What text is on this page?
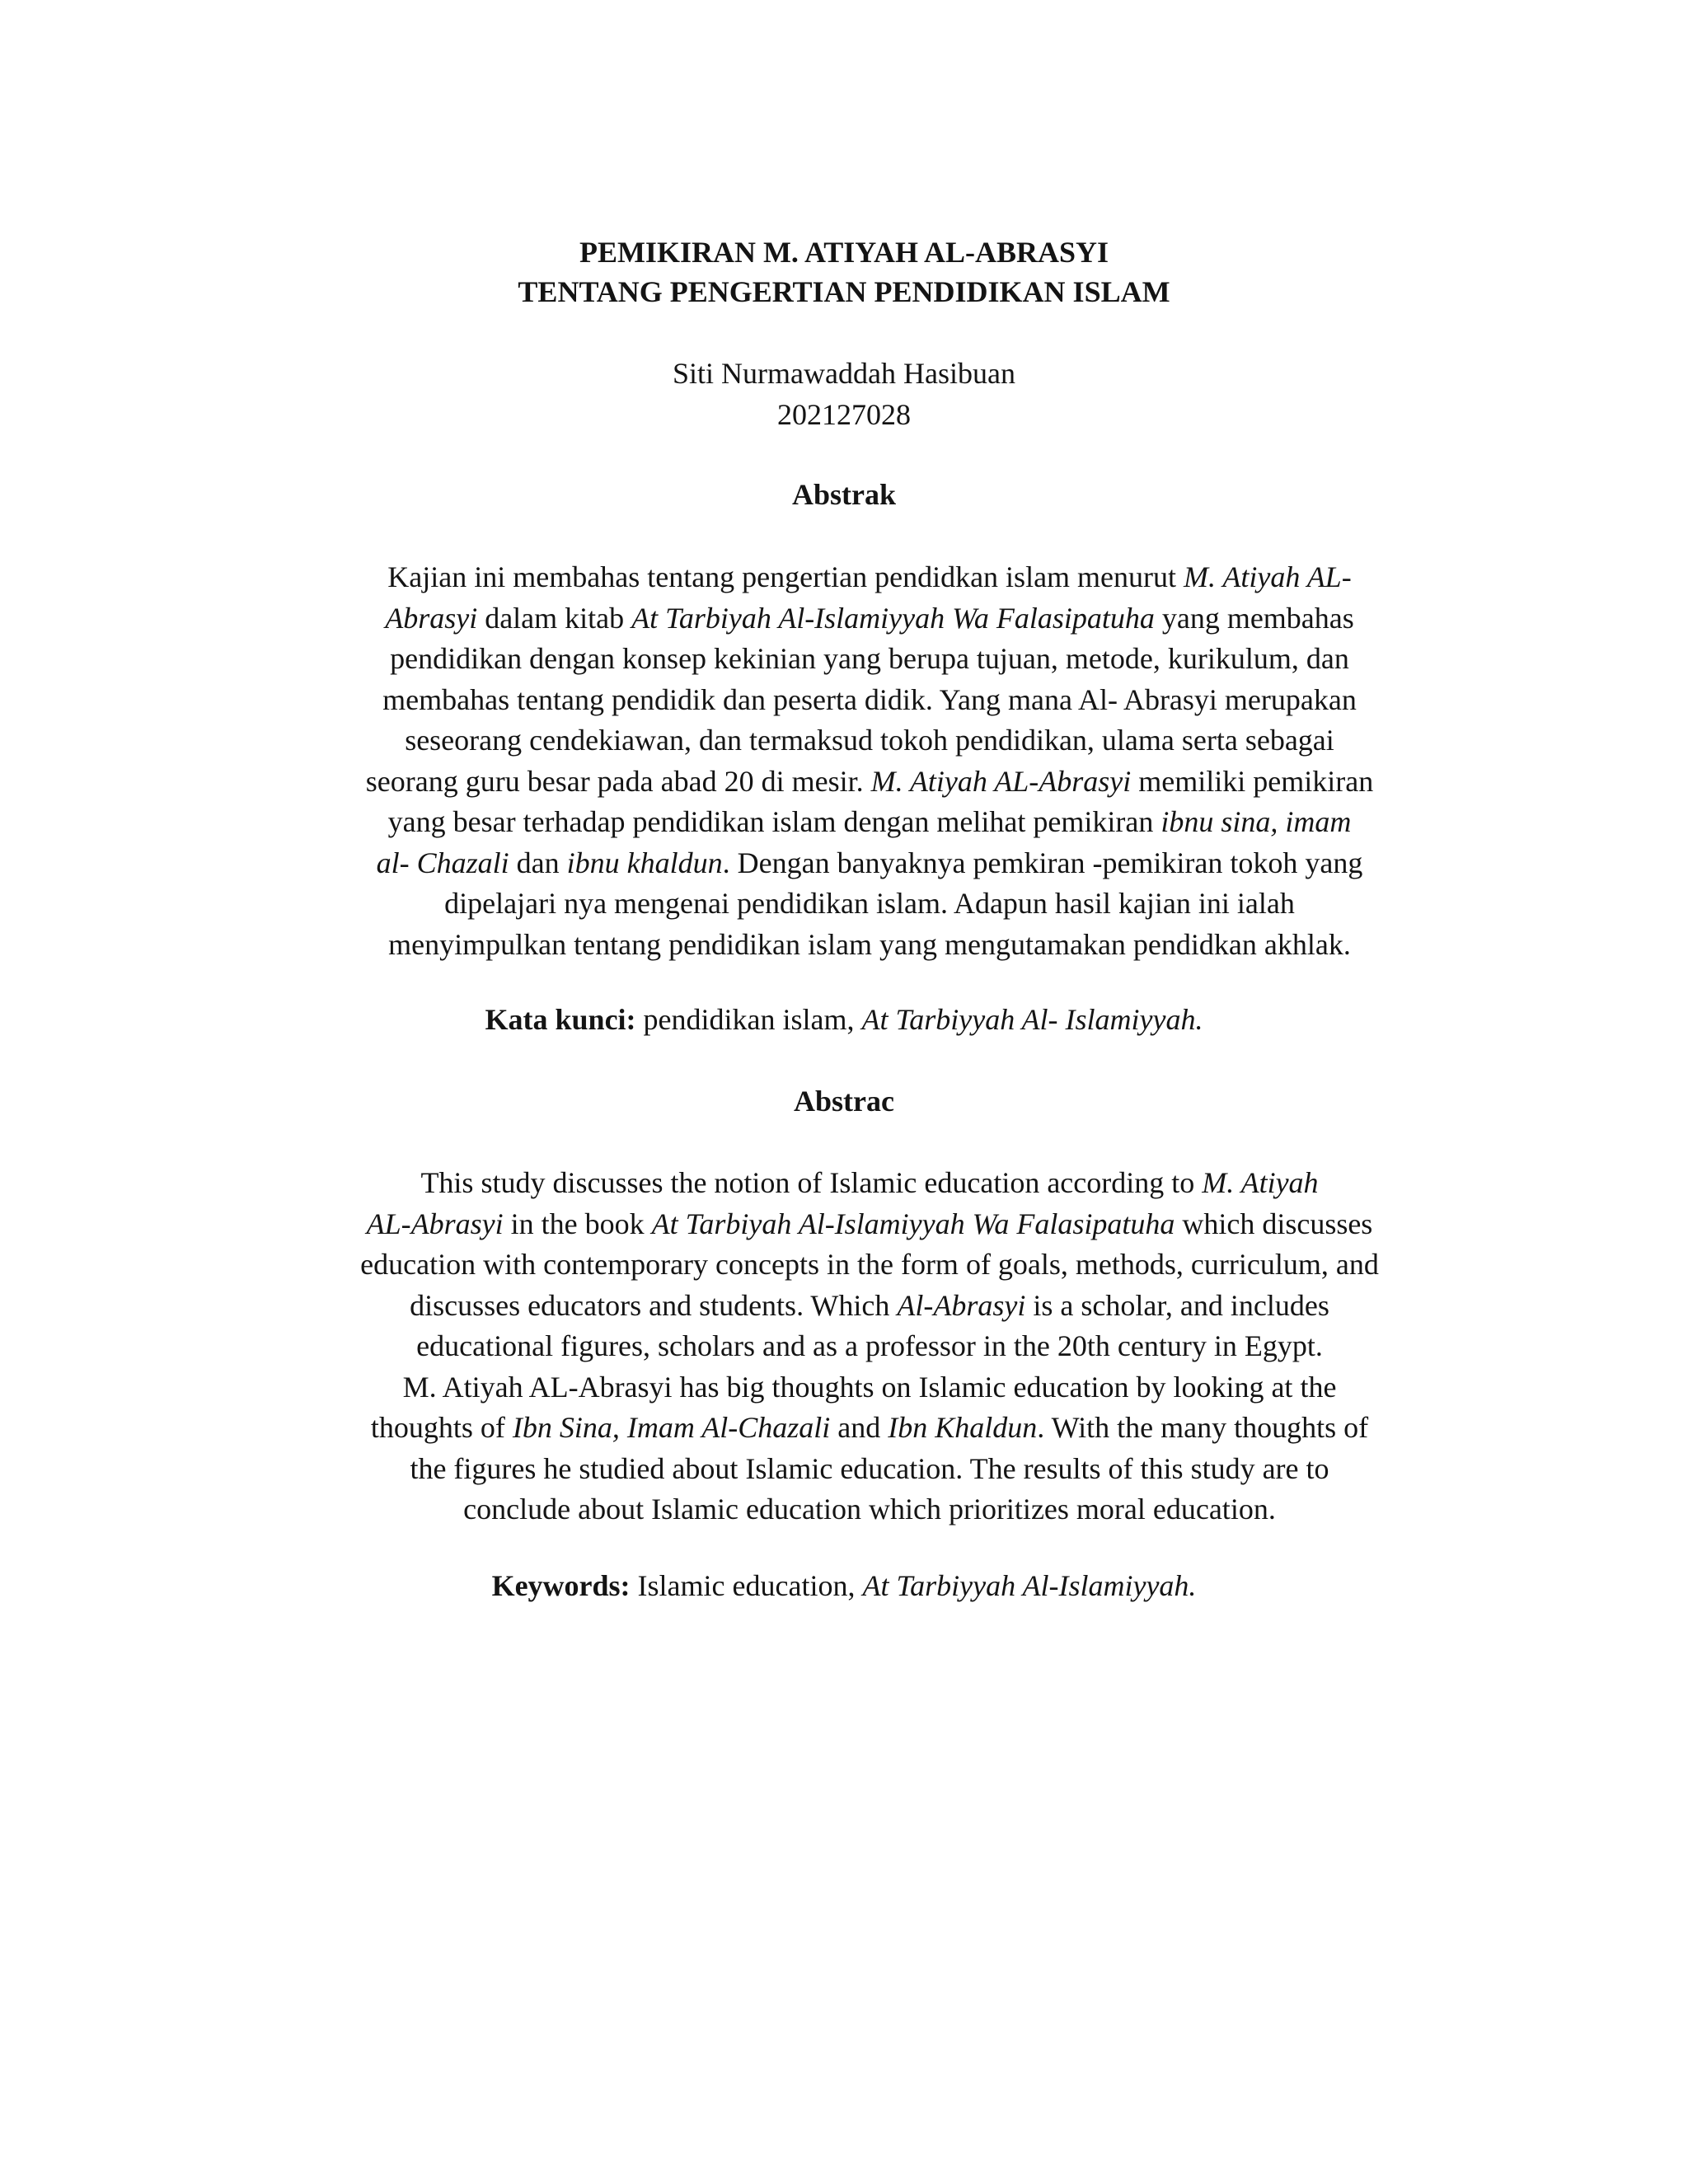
PEMIKIRAN M. ATIYAH AL-ABRASYI
TENTANG PENGERTIAN PENDIDIKAN ISLAM
Siti Nurmawaddah Hasibuan
202127028
Abstrak
Kajian ini membahas tentang pengertian pendidkan islam menurut M. Atiyah AL-
Abrasyi dalam kitab At Tarbiyah Al-Islamiyyah Wa Falasipatuha yang membahas
pendidikan dengan konsep kekinian yang berupa tujuan, metode, kurikulum, dan
membahas tentang pendidik dan peserta didik. Yang mana Al- Abrasyi merupakan
seseorang cendekiawan, dan termaksud tokoh pendidikan, ulama serta sebagai
seorang guru besar pada abad 20 di mesir. M. Atiyah AL-Abrasyi memiliki pemikiran
yang besar terhadap pendidikan islam dengan melihat pemikiran ibnu sina, imam
al- Chazali dan ibnu khaldun. Dengan banyaknya pemkiran -pemikiran tokoh yang
dipelajari nya mengenai pendidikan islam. Adapun hasil kajian ini ialah
menyimpulkan tentang pendidikan islam yang mengutamakan pendidkan akhlak.
Kata kunci: pendidikan islam, At Tarbiyyah Al- Islamiyyah.
Abstrac
This study discusses the notion of Islamic education according to M. Atiyah
AL-Abrasyi in the book At Tarbiyah Al-Islamiyyah Wa Falasipatuha which discusses
education with contemporary concepts in the form of goals, methods, curriculum, and
discusses educators and students. Which Al-Abrasyi is a scholar, and includes
educational figures, scholars and as a professor in the 20th century in Egypt.
M. Atiyah AL-Abrasyi has big thoughts on Islamic education by looking at the
thoughts of Ibn Sina, Imam Al-Chazali and Ibn Khaldun. With the many thoughts of
the figures he studied about Islamic education. The results of this study are to
conclude about Islamic education which prioritizes moral education.
Keywords: Islamic education, At Tarbiyyah Al-Islamiyyah.
